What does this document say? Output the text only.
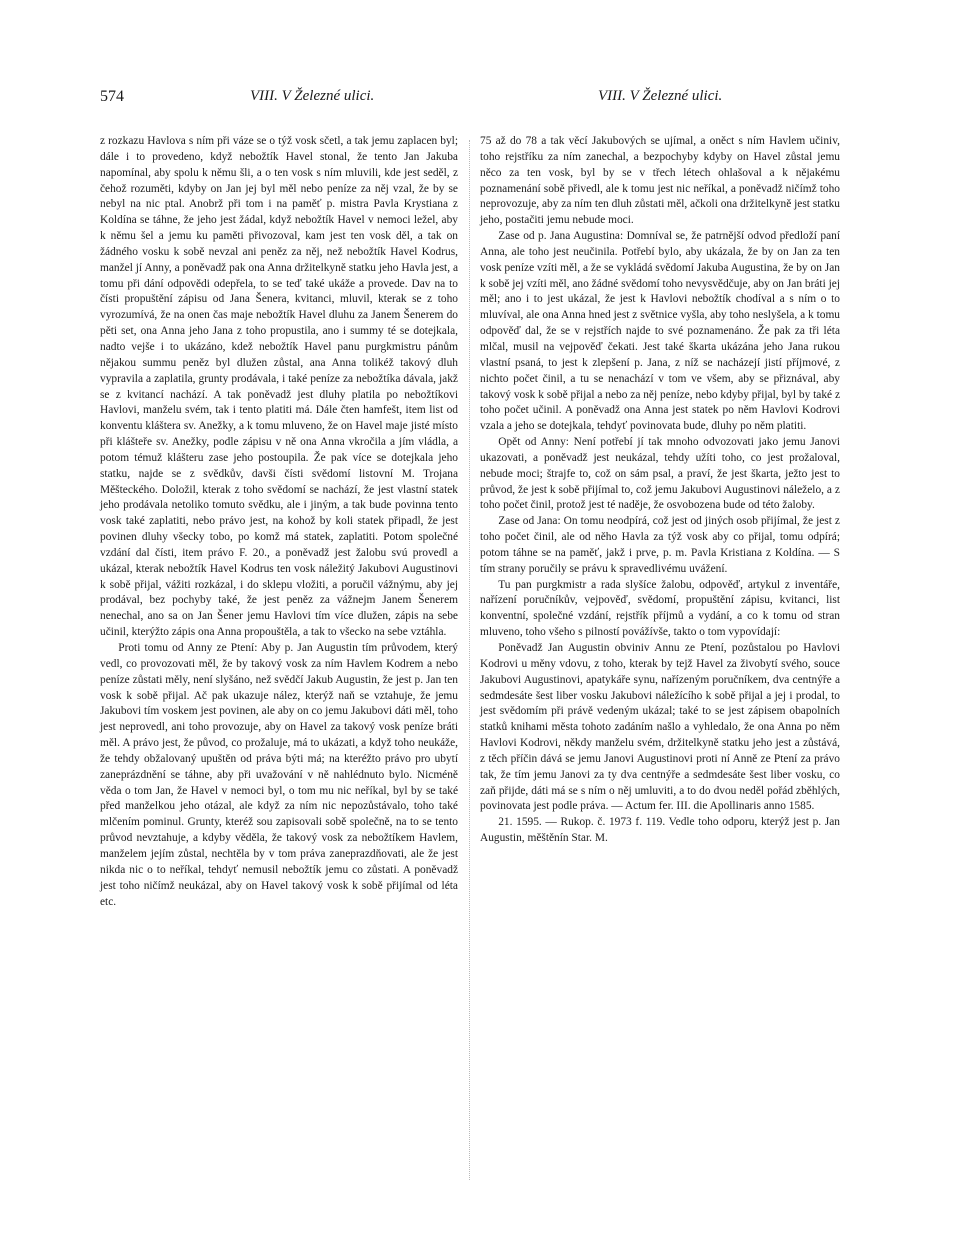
574	VIII. V Železné ulici.	VIII. V Železné ulici.

z rozkazu Havlova s ním při váze se o týž vosk sčetl, a tak jemu zaplacen byl; dále i to provedeno, když nebožtík Havel stonal, že tento Jan Jakuba napomínal, aby spolu k němu šli, a o ten vosk s ním mluvili, kde jest seděl, z čehož rozuměti, kdyby on Jan jej byl měl nebo peníze za něj vzal, že by se nebyl na nic ptal. Anobrž při tom i na paměť p. mistra Pavla Krystiana z Koldína se táhne, že jeho jest žádal, když nebožtík Havel v nemoci ležel, aby k němu šel a jemu ku paměti přivozoval, kam jest ten vosk děl, a tak on žádného vosku k sobě nevzal ani peněz za něj, než nebožtík Havel Kodrus, manžel jí Anny, a poněvadž pak ona Anna držitelkyně statku jeho Havla jest, a tomu při dání odpovědi odepřela, to se teď také ukáže a provede. Dav na to čísti propuštění zápisu od Jana Šenera, kvitanci, mluvil, kterak se z toho vyrozumívá, že na onen čas maje nebožtík Havel dluhu za Janem Šenerem do pěti set, ona Anna jeho Jana z toho propustila, ano i summy té se dotejkala, nadto vejše i to ukázáno, kdež nebožtík Havel panu purgkmistru pánům nějakou summu peněz byl dlužen zůstal, ana Anna tolikéž takový dluh vypravila a zaplatila, grunty prodávala, i také peníze za nebožtíka dávala, jakž se z kvitancí nachází. A tak poněvadž jest dluhy platila po nebožtíkovi Havlovi, manželu svém, tak i tento platiti má. Dále čten hamfešt, item list od konventu kláštera sv. Anežky, a k tomu mluveno, že on Havel maje jisté místo při klášteře sv. Anežky, podle zápisu v ně ona Anna vkročila a jím vládla, a potom témuž klášteru zase jeho postoupila. Že pak více se dotejkala jeho statku, najde se z svědkův, davši čísti svědomí listovní M. Trojana Měšteckého. Doložil, kterak z toho svědomí se nachází, že jest vlastní statek jeho prodávala netoliko tomuto svědku, ale i jiným, a tak bude povinna tento vosk také zaplatiti, nebo právo jest, na kohož by koli statek připadl, že jest povinen dluhy všecky tobo, po komž má statek, zaplatiti. Potom společné vzdání dal čísti, item právo F. 20., a poněvadž jest žalobu svú provedl a ukázal, kterak nebožtík Havel Kodrus ten vosk náležitý Jakubovi Augustinovi k sobě přijal, vážiti rozkázal, i do sklepu vložiti, a poručil vážnýmu, aby jej prodával, bez pochyby také, že jest peněz za vážnejm Janem Šenerem nenechal, ano sa on Jan Šener jemu Havlovi tím více dlužen, zápis na sebe učinil, kterýžto zápis ona Anna propouštěla, a tak to všecko na sebe vztáhla.

Proti tomu od Anny ze Ptení: Aby p. Jan Augustin tím průvodem, který vedl, co provozovati měl, že by takový vosk za ním Havlem Kodrem a nebo peníze zůstati měly, není slyšáno, než svědčí Jakub Augustin, že jest p. Jan ten vosk k sobě přijal. Ač pak ukazuje nález, kterýž naň se vztahuje, že jemu Jakubovi tím voskem jest povinen, ale aby on co jemu Jakubovi dáti měl, toho jest neprovedl, ani toho provozuje, aby on Havel za takový vosk peníze bráti měl. A právo jest, že původ, co prožaluje, má to ukázati, a když toho neukáže, že tehdy obžalovaný upuštěn od práva býti má; na kteréžto právo pro ubytí zaneprázdnění se táhne, aby při uvažování v ně nahlédnuto bylo. Nicméně věda o tom Jan, že Havel v nemoci byl, o tom mu nic neříkal, byl by se také před manželkou jeho otázal, ale když za ním nic nepozůstávalo, toho také mlčením pominul. Grunty, kteréž sou zapisovali sobě společně, na to se tento průvod nevztahuje, a kdyby věděla, že takový vosk za nebožtíkem Havlem, manželem jejím zůstal, nechtěla by v tom práva zaneprazdňovati, ale že jest nikda nic o to neříkal, tehdyť nemusil nebožtík jemu co zůstati. A poněvadž jest toho ničímž neukázal, aby on Havel takový vosk k sobě přijímal od léta etc.

75 až do 78 a tak věcí Jakubových se ujímal, a oněct s ním Havlem učiniv, toho rejstříku za ním zanechal, a bezpochyby kdyby on Havel zůstal jemu něco za ten vosk, byl by se v třech létech ohlašoval a k nějakému poznamenání sobě přivedl, ale k tomu jest nic neříkal, a poněvadž ničímž toho neprovozuje, aby za ním ten dluh zůstati měl, ačkoli ona držitelkyně jest statku jeho, postačiti jemu nebude moci.

Zase od p. Jana Augustina: Domníval se, že patrnější odvod předloží paní Anna, ale toho jest neučinila. Potřebí bylo, aby ukázala, že by on Jan za ten vosk peníze vzíti měl, a že se vykládá svědomí Jakuba Augustina, že by on Jan k sobě jej vzíti měl, ano žádné svědomí toho nevysvědčuje, aby on Jan bráti jej měl; ano i to jest ukázal, že jest k Havlovi nebožtík chodíval a s ním o to mluvíval, ale ona Anna hned jest z světnice vyšla, aby toho neslyšela, a k tomu odpověď dal, že se v rejstřích najde to své poznamenáno. Že pak za tři léta mlčal, musil na vejpověď čekati. Jest také škarta ukázána jeho Jana rukou vlastní psaná, to jest k zlepšení p. Jana, z níž se nacházejí jistí příjmové, z nichto počet činil, a tu se nenachází v tom ve všem, aby se přiznával, aby takový vosk k sobě přijal a nebo za něj peníze, nebo kdyby přijal, byl by také z toho počet učinil. A poněvadž ona Anna jest statek po něm Havlovi Kodrovi vzala a jeho se dotejkala, tehdyť povinovata bude, dluhy po něm platiti.

Opět od Anny: Není potřebí jí tak mnoho odvozovati jako jemu Janovi ukazovati, a poněvadž jest neukázal, tehdy užíti toho, co jest prožaloval, nebude moci; štrajfe to, což on sám psal, a praví, že jest škarta, ježto jest to průvod, že jest k sobě přijímal to, což jemu Jakubovi Augustinovi náleželo, a z toho počet činil, protož jest té naděje, že osvobozena bude od této žaloby.

Zase od Jana: On tomu neodpírá, což jest od jiných osob přijímal, že jest z toho počet činil, ale od něho Havla za týž vosk aby co přijal, tomu odpírá; potom táhne se na paměť, jakž i prve, p. m. Pavla Kristiana z Koldína. — S tím strany poručily se právu k spravedlivému uvážení.

Tu pan purgkmistr a rada slyšíce žalobu, odpověď, artykul z inventáře, nařízení poručníkův, vejpověď, svědomí, propuštění zápisu, kvitanci, list konventní, společné vzdání, rejstřík příjmů a vydání, a co k tomu od stran mluveno, toho všeho s pilností povážívše, takto o tom vypovídají:

Poněvadž Jan Augustin obviniv Annu ze Ptení, pozůstalou po Havlovi Kodrovi u měny vdovu, z toho, kterak by tejž Havel za živobytí svého, souce Jakubovi Augustinovi, apatykáře synu, nařízeným poručníkem, dva centnýře a sedmdesáte šest liber vosku Jakubovi náležícího k sobě přijal a jej i prodal, to jest svědomím při právě vedeným ukázal; také to se jest zápisem obapolních statků knihami města tohoto zadáním našlo a vyhledalo, že ona Anna po něm Havlovi Kodrovi, někdy manželu svém, držitelkyně statku jeho jest a zůstává, z těch příčin dává se jemu Janovi Augustinovi proti ní Anně ze Ptení za právo tak, že tím jemu Janovi za ty dva centnýře a sedmdesáte šest liber vosku, co zaň přijde, dáti má se s ním o něj umluviti, a to do dvou neděl pořád zběhlých, povinovata jest podle práva. — Actum fer. III. die Apollinaris anno 1585.

21. 1595. — Rukop. č. 1973 f. 119. Vedle toho odporu, kterýž jest p. Jan Augustin, měštěnín Star. M.
